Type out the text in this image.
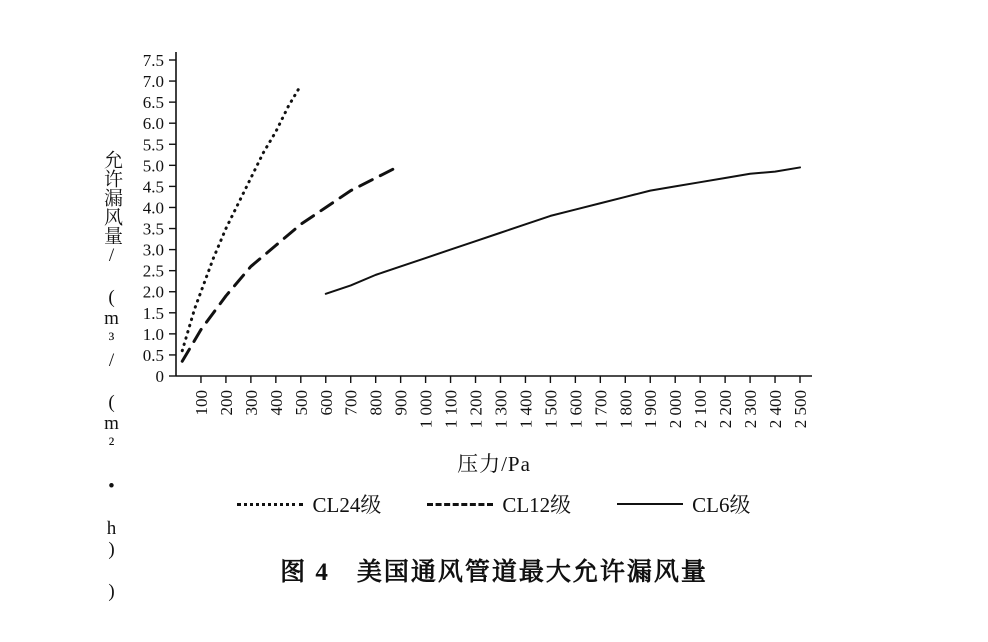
0
0.5
1.0
1.5
2.0
2.5
3.0
3.5
4.0
4.5
5.0
5.5
6.0
6.5
7.0
7.5
100 200 300 400 500 600 700 800 900 1 000 1 100 1 200 1 300 1 400 1 500 1 600 1 700 1 800 1 900 2 000 2 100 2 200 2 300 2 400 2 500
允许漏风量/ (m³/ (m² • h) )	压力/Pa
CL24级	CL12级	CL6级
图 4　美国通风管道最大允许漏风量
